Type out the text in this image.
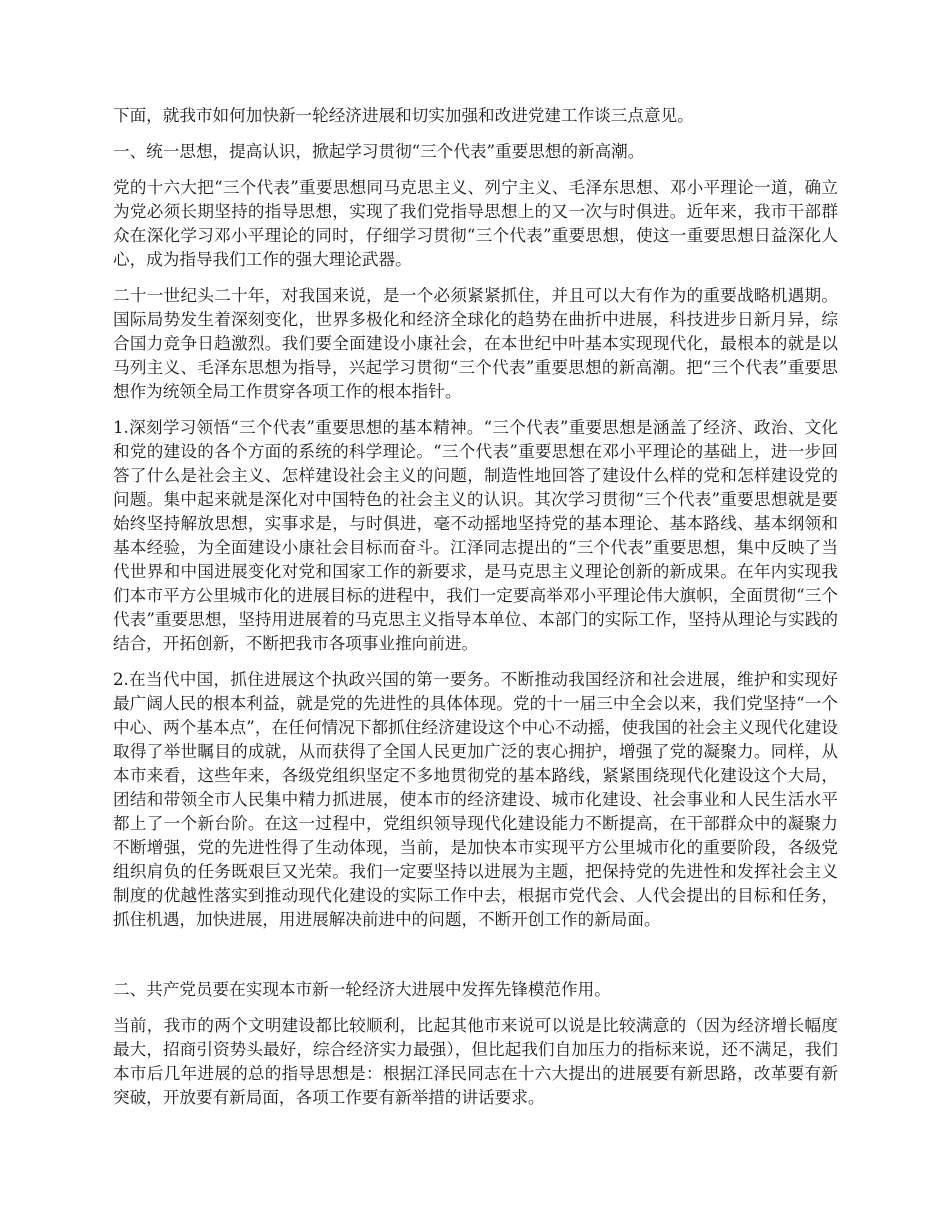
下面，就我市如何加快新一轮经济进展和切实加强和改进党建工作谈三点意见。

一、统一思想，提高认识，掀起学习贯彻“三个代表”重要思想的新高潮。

党的十六大把“三个代表”重要思想同马克思主义、列宁主义、毛泽东思想、邓小平理论一道，确立为党必须长期坚持的指导思想，实现了我们党指导思想上的又一次与时俱进。近年来，我市干部群众在深化学习邓小平理论的同时，仔细学习贯彻“三个代表”重要思想，使这一重要思想日益深化人心，成为指导我们工作的强大理论武器。

二十一世纪头二十年，对我国来说，是一个必须紧紧抓住，并且可以大有作为的重要战略机遇期。国际局势发生着深刻变化，世界多极化和经济全球化的趋势在曲折中进展，科技进步日新月异，综合国力竞争日趋激烈。我们要全面建设小康社会，在本世纪中叶基本实现现代化，最根本的就是以马列主义、毛泽东思想为指导，兴起学习贯彻“三个代表”重要思想的新高潮。把“三个代表”重要思想作为统领全局工作贯穿各项工作的根本指针。

1.深刻学习领悟“三个代表”重要思想的基本精神。“三个代表”重要思想是涵盖了经济、政治、文化和党的建设的各个方面的系统的科学理论。“三个代表”重要思想在邓小平理论的基础上，进一步回答了什么是社会主义、怎样建设社会主义的问题，制造性地回答了建设什么样的党和怎样建设党的问题。集中起来就是深化对中国特色的社会主义的认识。其次学习贯彻“三个代表”重要思想就是要始终坚持解放思想，实事求是，与时俱进，毫不动摇地坚持党的基本理论、基本路线、基本纲领和基本经验，为全面建设小康社会目标而奋斗。江泽同志提出的“三个代表”重要思想，集中反映了当代世界和中国进展变化对党和国家工作的新要求，是马克思主义理论创新的新成果。在年内实现我们本市平方公里城市化的进展目标的进程中，我们一定要高举邓小平理论伟大旗帜，全面贯彻“三个代表”重要思想，坚持用进展着的马克思主义指导本单位、本部门的实际工作，坚持从理论与实践的结合，开拓创新，不断把我市各项事业推向前进。

2.在当代中国，抓住进展这个执政兴国的第一要务。不断推动我国经济和社会进展，维护和实现好最广阔人民的根本利益，就是党的先进性的具体体现。党的十一届三中全会以来，我们党坚持“一个中心、两个基本点”，在任何情况下都抓住经济建设这个中心不动摇，使我国的社会主义现代化建设取得了举世瞩目的成就，从而获得了全国人民更加广泛的衷心拥护，增强了党的凝聚力。同样，从本市来看，这些年来，各级党组织坚定不多地贯彻党的基本路线，紧紧围绕现代化建设这个大局，团结和带领全市人民集中精力抓进展，使本市的经济建设、城市化建设、社会事业和人民生活水平都上了一个新台阶。在这一过程中，党组织领导现代化建设能力不断提高，在干部群众中的凝聚力不断增强，党的先进性得了生动体现，当前，是加快本市实现平方公里城市化的重要阶段，各级党组织肩负的任务既艰巨又光荣。我们一定要坚持以进展为主题，把保持党的先进性和发挥社会主义制度的优越性落实到推动现代化建设的实际工作中去，根据市党代会、人代会提出的目标和任务，抓住机遇，加快进展，用进展解决前进中的问题，不断开创工作的新局面。

二、共产党员要在实现本市新一轮经济大进展中发挥先锋模范作用。

当前，我市的两个文明建设都比较顺利，比起其他市来说可以说是比较满意的（因为经济增长幅度最大，招商引资势头最好，综合经济实力最强），但比起我们自加压力的指标来说，还不满足，我们本市后几年进展的总的指导思想是：根据江泽民同志在十六大提出的进展要有新思路，改革要有新突破，开放要有新局面，各项工作要有新举措的讲话要求。
